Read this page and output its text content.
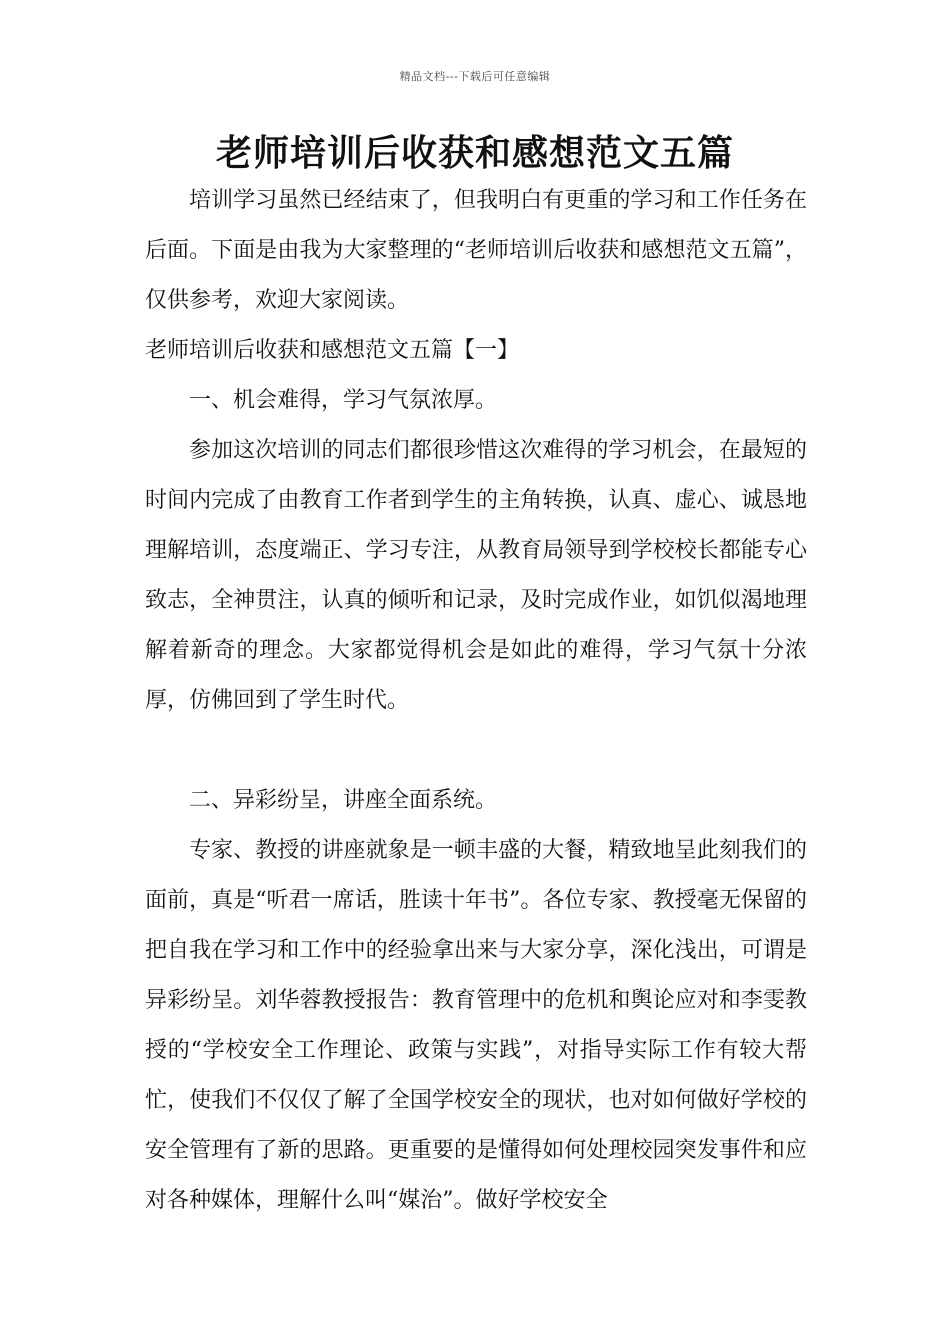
精品文档---下载后可任意编辑
老师培训后收获和感想范文五篇

培训学习虽然已经结束了，但我明白有更重的学习和工作任务在后面。下面是由我为大家整理的“老师培训后收获和感想范文五篇”，仅供参考，欢迎大家阅读。

老师培训后收获和感想范文五篇【一】

一、机会难得，学习气氛浓厚。

参加这次培训的同志们都很珍惜这次难得的学习机会，在最短的时间内完成了由教育工作者到学生的主角转换，认真、虚心、诚恳地理解培训，态度端正、学习专注，从教育局领导到学校校长都能专心致志，全神贯注，认真的倾听和记录，及时完成作业，如饥似渴地理解着新奇的理念。大家都觉得机会是如此的难得，学习气氛十分浓厚，仿佛回到了学生时代。

二、异彩纷呈，讲座全面系统。

专家、教授的讲座就象是一顿丰盛的大餐，精致地呈此刻我们的面前，真是“听君一席话，胜读十年书”。各位专家、教授毫无保留的把自我在学习和工作中的经验拿出来与大家分享，深化浅出，可谓是异彩纷呈。刘华蓉教授报告：教育管理中的危机和舆论应对和李雯教授的“学校安全工作理论、政策与实践”，对指导实际工作有较大帮忙，使我们不仅仅了解了全国学校安全的现状，也对如何做好学校的安全管理有了新的思路。更重要的是懂得如何处理校园突发事件和应对各种媒体，理解什么叫“媒治”。做好学校安全
